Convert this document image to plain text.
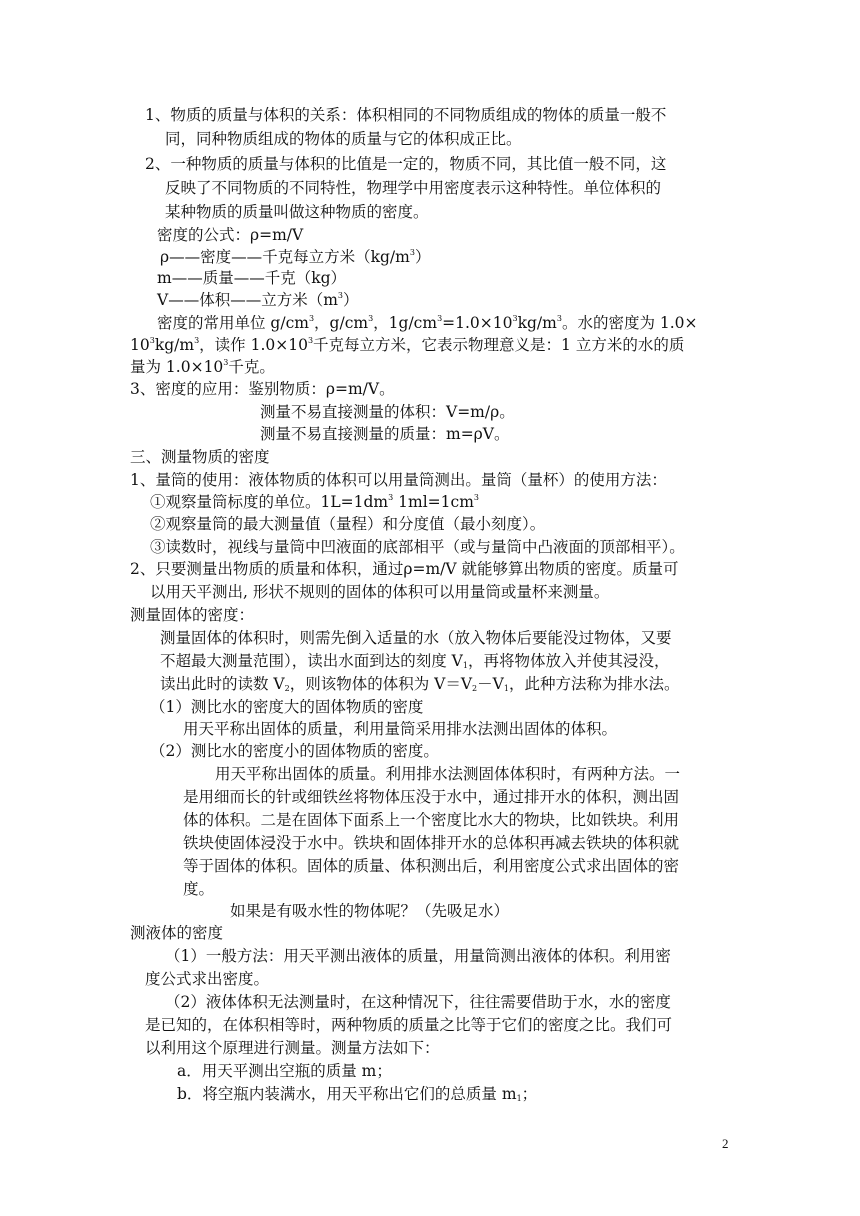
1、物质的质量与体积的关系：体积相同的不同物质组成的物体的质量一般不
同，同种物质组成的物体的质量与它的体积成正比。
2、一种物质的质量与体积的比值是一定的，物质不同，其比值一般不同，这
反映了不同物质的不同特性，物理学中用密度表示这种特性。单位体积的
某种物质的质量叫做这种物质的密度。
密度的公式：ρ=m/V
ρ——密度——千克每立方米$(kg/m^3)$
m——质量——千克（kg）
V——体积——立方米$(m^3)$
密度的常用单位 $g/cm^3$，$g/cm^3$，$1g/cm^3=1.0\times 10^3kg/m^3$。水的密度为 1.0×
$10^3kg/m^3$，读作 $1.0\times 10^3$千克每立方米，它表示物理意义是：1 立方米的水的质
量为 $1.0\times 10^3$千克。
3、密度的应用：鉴别物质：ρ=m/V。
测量不易直接测量的体积：V=m/ρ。
测量不易直接测量的质量：m=ρV。
三、测量物质的密度
1、量筒的使用：液体物质的体积可以用量筒测出。量筒（量杯）的使用方法：
①观察量筒标度的单位。$1L=1dm^3$ $1ml=1cm^3$
②观察量筒的最大测量值（量程）和分度值（最小刻度）。
③读数时，视线与量筒中凹液面的底部相平（或与量筒中凸液面的顶部相平）。
2、只要测量出物质的质量和体积，通过ρ=m/V 就能够算出物质的密度。质量可
以用天平测出, 形状不规则的固体的体积可以用量筒或量杯来测量。
测量固体的密度：
测量固体的体积时，则需先倒入适量的水（放入物体后要能没过物体，又要
不超最大测量范围），读出水面到达的刻度 $V_1$，再将物体放入并使其浸没，
读出此时的读数 $V_2$，则该物体的体积为 $V=V_2-V_1$，此种方法称为排水法。
（1）测比水的密度大的固体物质的密度
用天平称出固体的质量，利用量筒采用排水法测出固体的体积。
（2）测比水的密度小的固体物质的密度。
用天平称出固体的质量。利用排水法测固体体积时，有两种方法。一
是用细而长的针或细铁丝将物体压没于水中，通过排开水的体积，测出固
体的体积。二是在固体下面系上一个密度比水大的物块，比如铁块。利用
铁块使固体浸没于水中。铁块和固体排开水的总体积再减去铁块的体积就
等于固体的体积。固体的质量、体积测出后，利用密度公式求出固体的密
度。
如果是有吸水性的物体呢？（先吸足水）
测液体的密度
（1）一般方法：用天平测出液体的质量，用量筒测出液体的体积。利用密
度公式求出密度。
（2）液体体积无法测量时，在这种情况下，往往需要借助于水，水的密度
是已知的，在体积相等时，两种物质的质量之比等于它们的密度之比。我们可
以利用这个原理进行测量。测量方法如下：
a．用天平测出空瓶的质量 m；
b．将空瓶内装满水，用天平称出它们的总质量 $m_1$；
2
